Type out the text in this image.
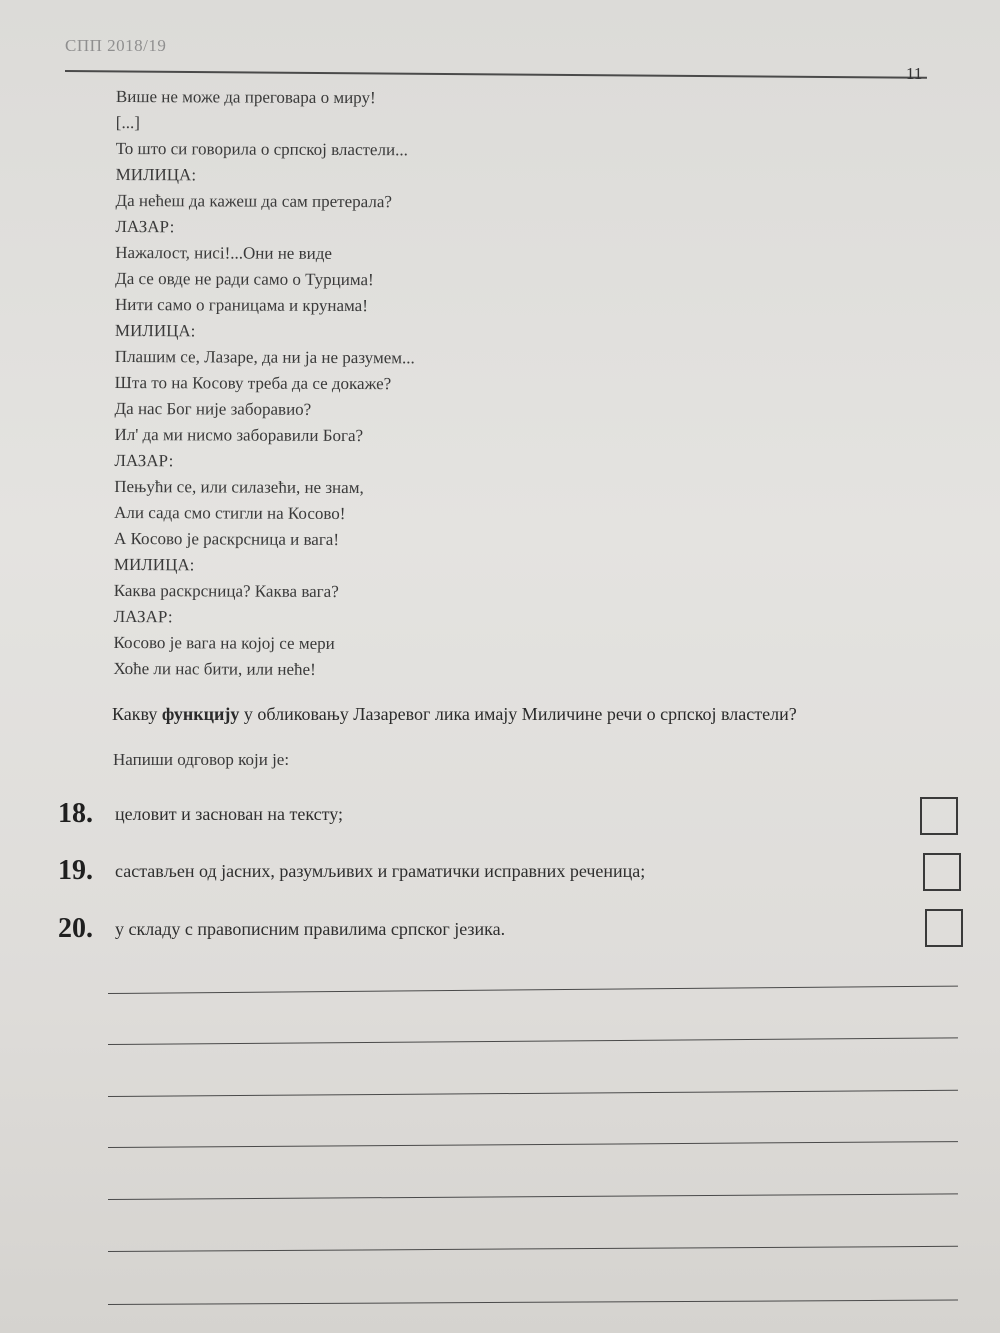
СПП 2018/19
11
Више не може да преговара о миру!
[...]
То што си говорила о српској властели...
МИЛИЦА:
Да нећеш да кажеш да сам претерала?
ЛАЗАР:
Нажалост, нисі!...Они не виде
Да се овде не ради само о Турцима!
Нити само о границама и крунама!
МИЛИЦА:
Плашим се, Лазаре, да ни ја не разумем...
Шта то на Косову треба да се докаже?
Да нас Бог није заборавио?
Ил' да ми нисмо заборавили Бога?
ЛАЗАР:
Пењући се, или силазећи, не знам,
Али сада смо стигли на Косово!
А Косово је раскрсница и вага!
МИЛИЦА:
Каква раскрсница? Каква вага?
ЛАЗАР:
Косово је вага на којој се мери
Хоће ли нас бити, или неће!
Какву функцију у обликовању Лазаревог лика имају Миличине речи о српској властели?
Напиши одговор који је:
18. целовит и заснован на тексту;
19. састављен од јасних, разумљивих и граматички исправних реченица;
20. у складу с правописним правилима српског језика.
